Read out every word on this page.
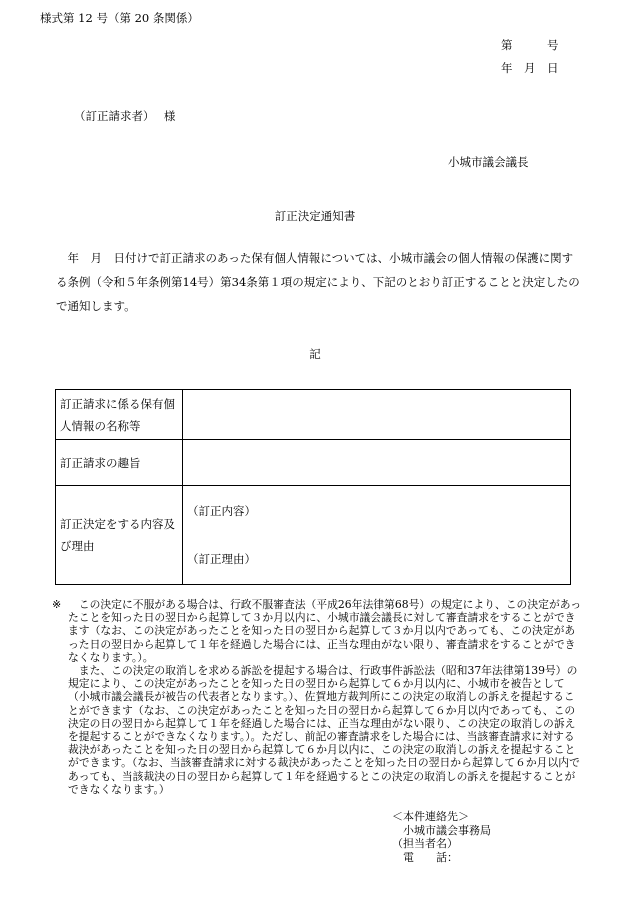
様式第 12 号（第 20 条関係）
第　　　号
年　月　日
（訂正請求者）　 様
小城市議会議長
訂正決定通知書

年　月　日付けで訂正請求のあった保有個人情報については、小城市議会の個人情報の保護に関する条例（令和５年条例第14号）第34条第１項の規定により、下記のとおり訂正することと決定したので通知します。

記
訂正請求に係る保有個人情報の名称等	
訂正請求の趣旨	
訂正決定をする内容及び理由	（訂正内容）
（訂正理由）
※	この決定に不服がある場合は、行政不服審査法（平成26年法律第68号）の規定により、この決定があったことを知った日の翌日から起算して３か月以内に、小城市議会議長に対して審査請求をすることができます（なお、この決定があったことを知った日の翌日から起算して３か月以内であっても、この決定があった日の翌日から起算して１年を経過した場合には、正当な理由がない限り、審査請求をすることができなくなります。）。

また、この決定の取消しを求める訴訟を提起する場合は、行政事件訴訟法（昭和37年法律第139号）の規定により、この決定があったことを知った日の翌日から起算して６か月以内に、小城市を被告として（小城市議会議長が被告の代表者となります。）、佐賀地方裁判所にこの決定の取消しの訴えを提起することができます（なお、この決定があったことを知った日の翌日から起算して６か月以内であっても、この決定の日の翌日から起算して１年を経過した場合には、正当な理由がない限り、この決定の取消しの訴えを提起することができなくなります。）。ただし、前記の審査請求をした場合には、当該審査請求に対する裁決があったことを知った日の翌日から起算して６か月以内に、この決定の取消しの訴えを提起することができます。（なお、当該審査請求に対する裁決があったことを知った日の翌日から起算して６か月以内であっても、当該裁決の日の翌日から起算して１年を経過するとこの決定の取消しの訴えを提起することができなくなります。）

＜本件連絡先＞
　小城市議会事務局
（担当者名）
　電　　話：
